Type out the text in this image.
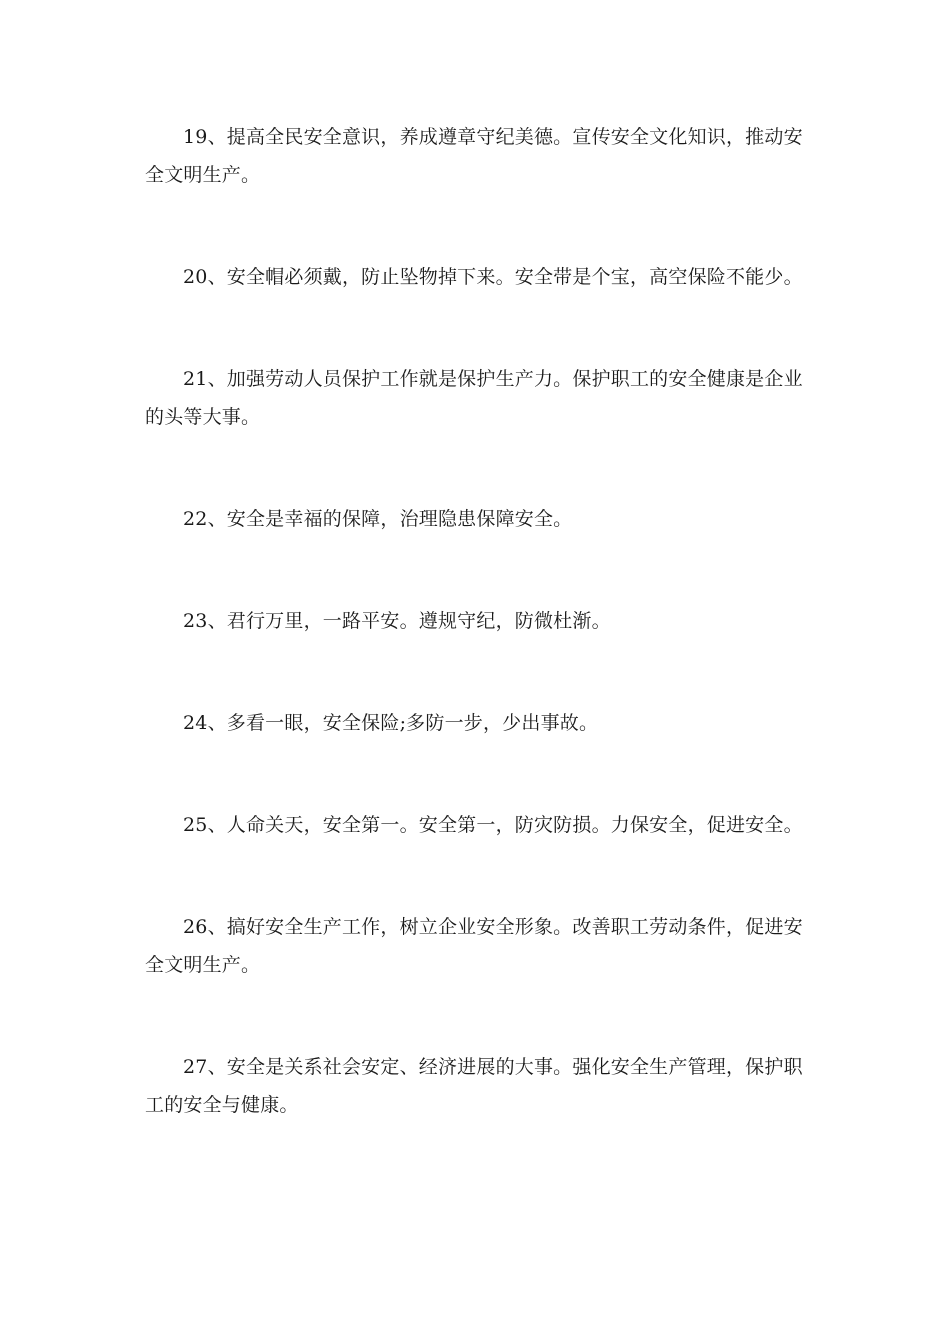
19、提高全民安全意识，养成遵章守纪美德。宣传安全文化知识，推动安全文明生产。

20、安全帽必须戴，防止坠物掉下来。安全带是个宝，高空保险不能少。

21、加强劳动人员保护工作就是保护生产力。保护职工的安全健康是企业的头等大事。

22、安全是幸福的保障，治理隐患保障安全。

23、君行万里，一路平安。遵规守纪，防微杜渐。

24、多看一眼，安全保险;多防一步，少出事故。

25、人命关天，安全第一。安全第一，防灾防损。力保安全，促进安全。

26、搞好安全生产工作，树立企业安全形象。改善职工劳动条件，促进安全文明生产。

27、安全是关系社会安定、经济进展的大事。强化安全生产管理，保护职工的安全与健康。
